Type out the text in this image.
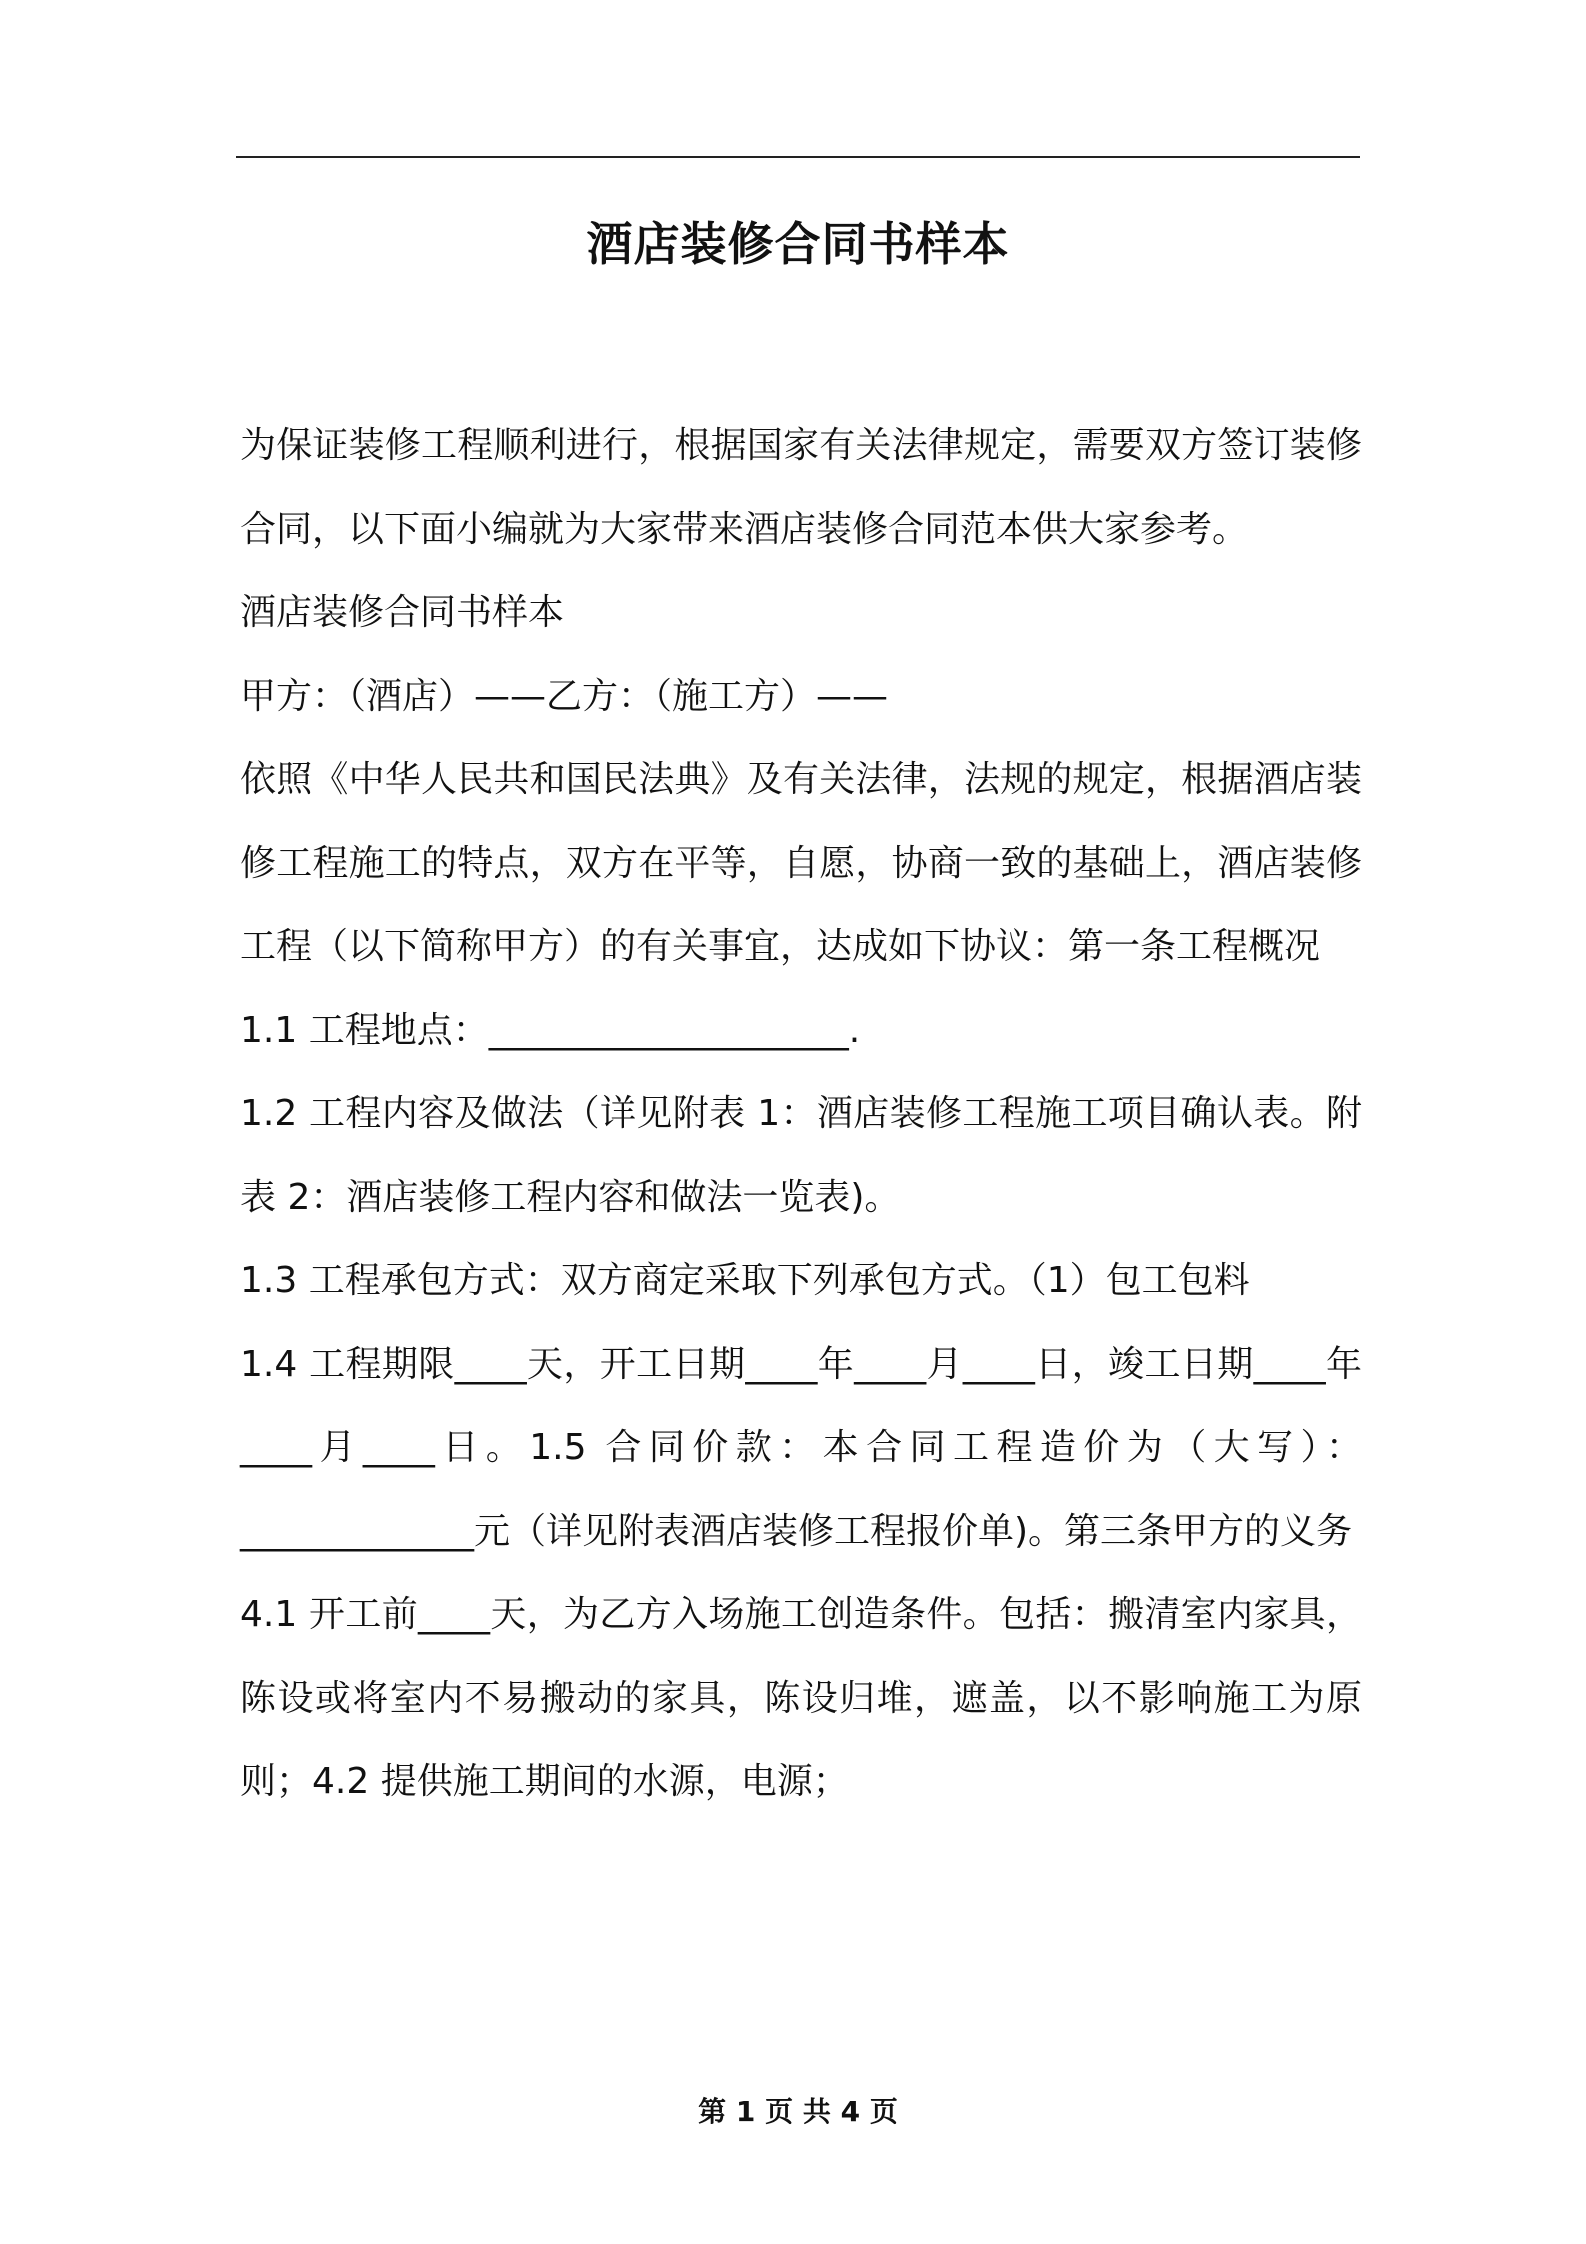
酒店装修合同书样本

为保证装修工程顺利进行，根据国家有关法律规定，需要双方签订装修合同，以下面小编就为大家带来酒店装修合同范本供大家参考。

酒店装修合同书样本

甲方：（酒店）——乙方：（施工方）——

依照《中华人民共和国民法典》及有关法律，法规的规定，根据酒店装修工程施工的特点，双方在平等，自愿，协商一致的基础上，酒店装修工程（以下简称甲方）的有关事宜，达成如下协议：第一条工程概况

1.1 工程地点：____________________.

1.2 工程内容及做法（详见附表 1：酒店装修工程施工项目确认表。附表 2：酒店装修工程内容和做法一览表)。

1.3 工程承包方式：双方商定采取下列承包方式。（1）包工包料

1.4 工程期限____天，开工日期____年____月____日，竣工日期____年____月____日。1.5 合同价款：本合同工程造价为（大写）：_____________元（详见附表酒店装修工程报价单)。第三条甲方的义务

4.1 开工前____天，为乙方入场施工创造条件。包括：搬清室内家具，陈设或将室内不易搬动的家具，陈设归堆，遮盖，以不影响施工为原则；4.2 提供施工期间的水源，电源；

第 1 页 共 4 页
